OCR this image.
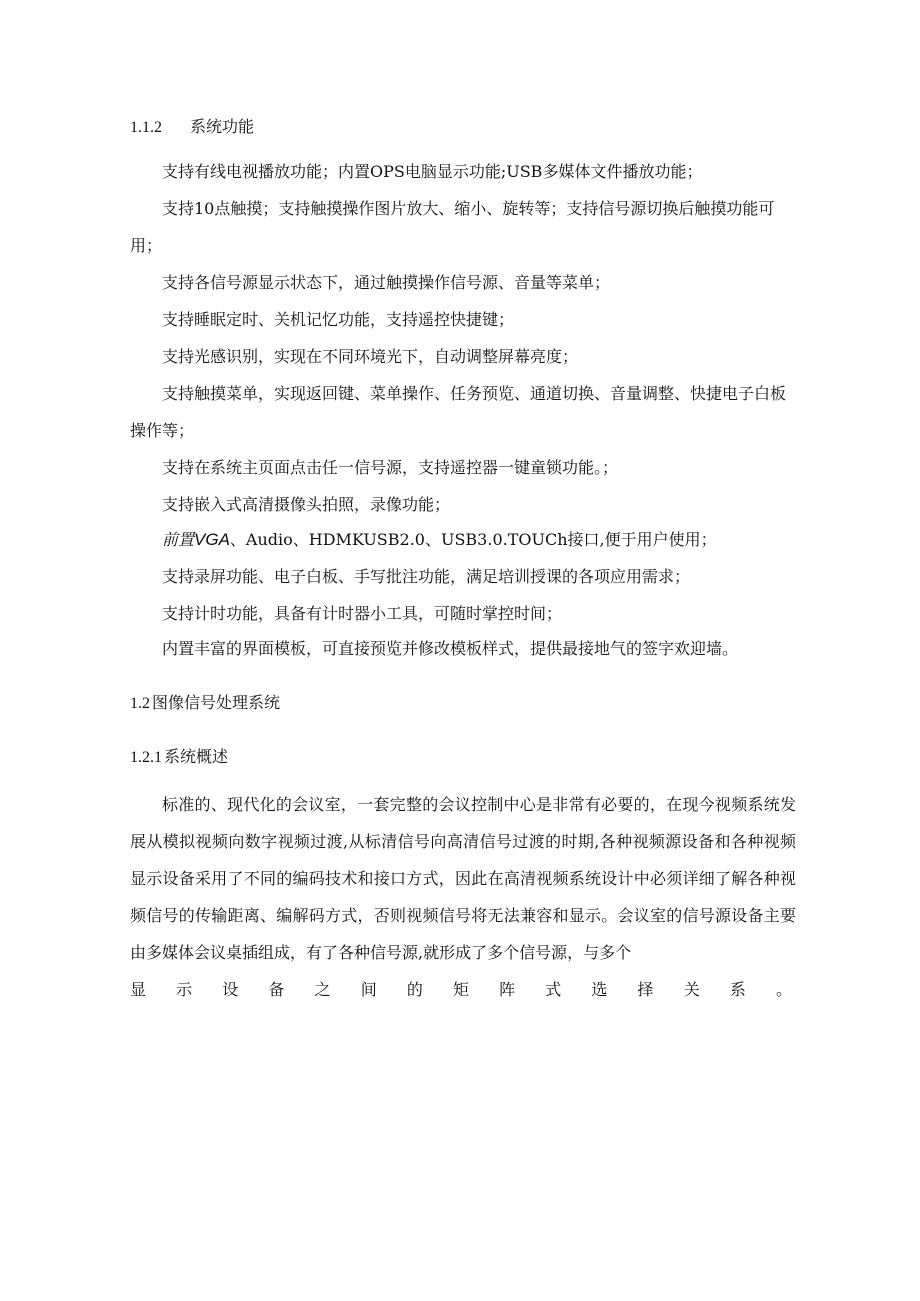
1.1.2 系统功能

支持有线电视播放功能；内置OPS电脑显示功能;USB多媒体文件播放功能；

支持10点触摸；支持触摸操作图片放大、缩小、旋转等；支持信号源切换后触摸功能可用；

支持各信号源显示状态下，通过触摸操作信号源、音量等菜单；

支持睡眠定时、关机记忆功能，支持遥控快捷键；

支持光感识别，实现在不同环境光下，自动调整屏幕亮度；

支持触摸菜单，实现返回键、菜单操作、任务预览、通道切换、音量调整、快捷电子白板操作等；

支持在系统主页面点击任一信号源，支持遥控器一键童锁功能。；

支持嵌入式高清摄像头拍照，录像功能；

前置VGA、Audio、HDMKUSB2.0、USB3.0.TOUCh接口,便于用户使用；

支持录屏功能、电子白板、手写批注功能，满足培训授课的各项应用需求；

支持计时功能，具备有计时器小工具，可随时掌控时间；

内置丰富的界面模板，可直接预览并修改模板样式，提供最接地气的签字欢迎墙。

1.2 图像信号处理系统
1.2.1 系统概述

标准的、现代化的会议室，一套完整的会议控制中心是非常有必要的，在现今视频系统发展从模拟视频向数字视频过渡,从标清信号向高清信号过渡的时期,各种视频源设备和各种视频显示设备采用了不同的编码技术和接口方式，因此在高清视频系统设计中必须详细了解各种视频信号的传输距离、编解码方式，否则视频信号将无法兼容和显示。会议室的信号源设备主要由多媒体会议桌插组成，有了各种信号源,就形成了多个信号源，与多个

显 示 设 备 之 间 的 矩 阵 式 选 择 关 系 。
